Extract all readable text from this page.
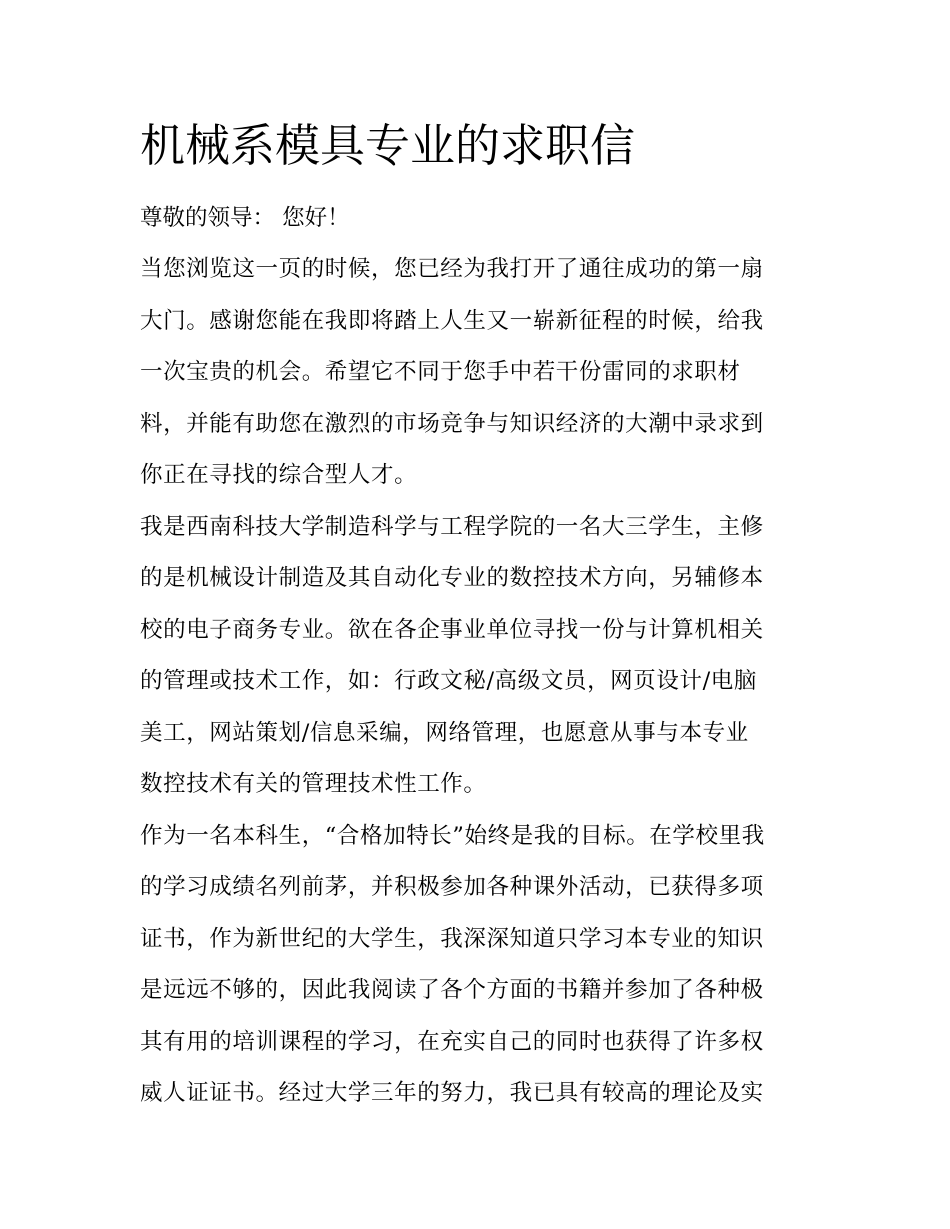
机械系模具专业的求职信

尊敬的领导： 您好！

当您浏览这一页的时候，您已经为我打开了通往成功的第一扇
大门。感谢您能在我即将踏上人生又一崭新征程的时候，给我
一次宝贵的机会。希望它不同于您手中若干份雷同的求职材
料，并能有助您在激烈的市场竞争与知识经济的大潮中录求到
你正在寻找的综合型人才。
我是西南科技大学制造科学与工程学院的一名大三学生，主修
的是机械设计制造及其自动化专业的数控技术方向，另辅修本
校的电子商务专业。欲在各企事业单位寻找一份与计算机相关
的管理或技术工作，如：行政文秘/高级文员，网页设计/电脑
美工，网站策划/信息采编，网络管理，也愿意从事与本专业
数控技术有关的管理技术性工作。
作为一名本科生，“合格加特长”始终是我的目标。在学校里我
的学习成绩名列前茅，并积极参加各种课外活动，已获得多项
证书，作为新世纪的大学生，我深深知道只学习本专业的知识
是远远不够的，因此我阅读了各个方面的书籍并参加了各种极
其有用的培训课程的学习，在充实自己的同时也获得了许多权
威人证证书。经过大学三年的努力，我已具有较高的理论及实
